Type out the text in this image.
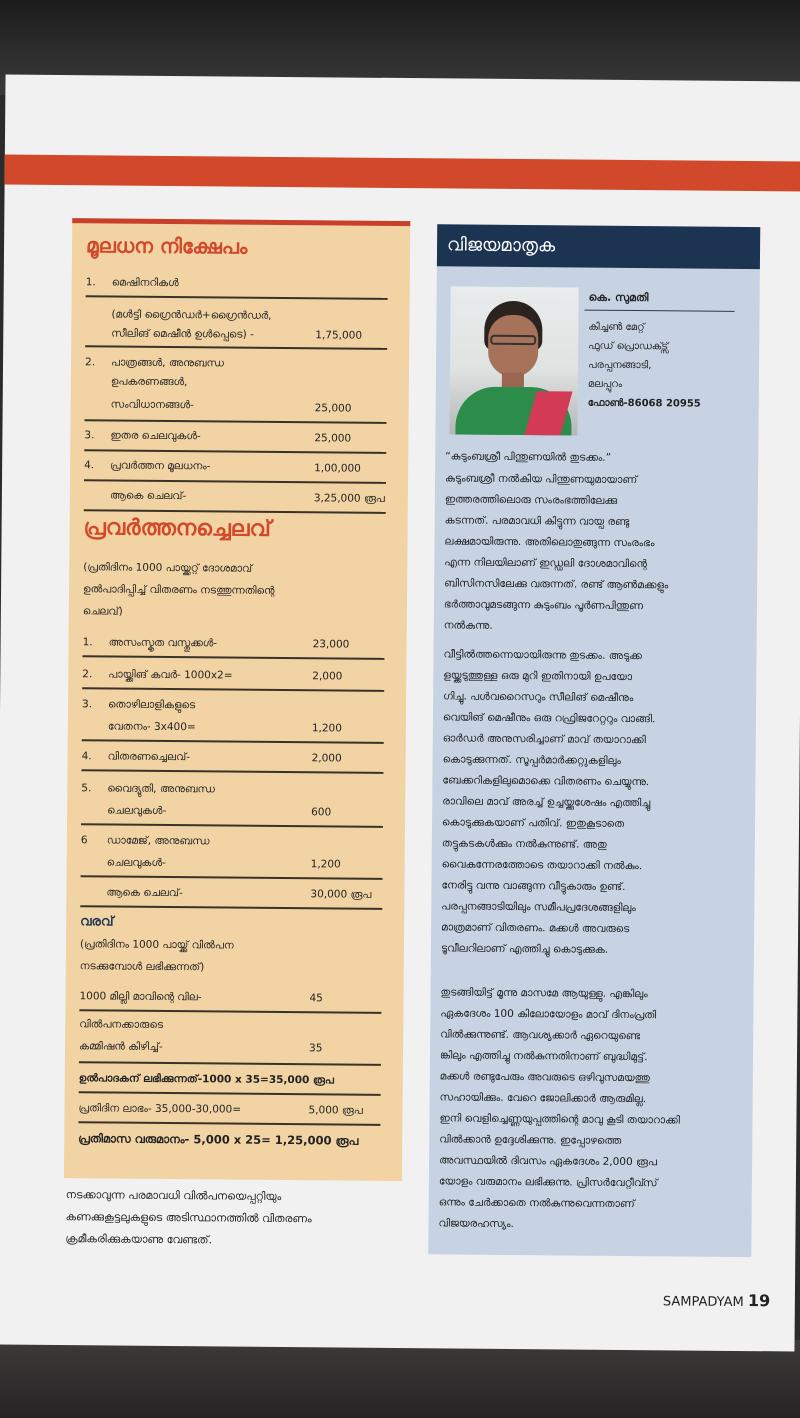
മൂലധന നിക്ഷേപം
1. മെഷിനറികൾ
(മൾട്ടി ഗ്രൈൻഡർ+ഗ്രൈൻഡർ,
സീലിങ് മെഷീൻ ഉൾപ്പെടെ) -	1,75,000
2. പാത്രങ്ങൾ, അനുബന്ധ
ഉപകരണങ്ങൾ,
സംവിധാനങ്ങൾ-	25,000
3. ഇതര ചെലവുകൾ-	25,000
4. പ്രവർത്തന മൂലധനം-	1,00,000
ആകെ ചെലവ്-	3,25,000 രൂപ
പ്രവർത്തനച്ചെലവ്
(പ്രതിദിനം 1000 പായ്ക്കറ്റ് ദോശമാവ്
ഉൽപാദിപ്പിച്ച് വിതരണം നടത്തുന്നതിന്റെ
ചെലവ്)
1. അസംസ്കൃത വസ്തുക്കൾ-	23,000
2. പായ്ക്കിങ് കവർ- 1000x2=	2,000
3. തൊഴിലാളികളുടെ
വേതനം- 3x400=	1,200
4. വിതരണച്ചെലവ്-	2,000
5. വൈദ്യുതി, അനുബന്ധ
ചെലവുകൾ-	600
6 ഡാമേജ്, അനുബന്ധ
ചെലവുകൾ-	1,200
ആകെ ചെലവ്-	30,000 രൂപ
വരവ്
(പ്രതിദിനം 1000 പായ്ക്ക് വിൽപന
നടക്കുമ്പോൾ ലഭിക്കുന്നത്)
1000 മില്ലി മാവിന്റെ വില-	45
വിൽപനക്കാരുടെ
കമ്മിഷൻ കിഴിച്ച്-	35
ഉൽപാദകന് ലഭിക്കുന്നത്-1000 x 35=35,000 രൂപ
പ്രതിദിന ലാഭം- 35,000-30,000=	5,000 രൂപ
പ്രതിമാസ വരുമാനം- 5,000 x 25= 1,25,000 രൂപ
നടക്കാവുന്ന പരമാവധി വിൽപനയെപ്പറ്റിയും
കണക്കുകൂട്ടലുകളുടെ അടിസ്ഥാനത്തിൽ വിതരണം
ക്രമീകരിക്കുകയാണു വേണ്ടത്.
വിജയമാതൃക
കെ. സുമതി
കിച്ചൺ മേറ്റ്
ഫുഡ് പ്രൊഡക്ട്സ്
പരപ്പനങ്ങാടി,
മലപ്പുറം
ഫോൺ-86068 20955
“കുടുംബശ്രീ പിന്തുണയിൽ തുടക്കം.”
കുടുംബശ്രീ നൽകിയ പിന്തുണയുമായാണ്
ഇത്തരത്തിലൊരു സംരംഭത്തിലേക്കു
കടന്നത്. പരമാവധി കിട്ടുന്ന വായ്പ രണ്ടു
ലക്ഷമായിരുന്നു. അതിലൊതുങ്ങുന്ന സംരംഭം
എന്ന നിലയിലാണ് ഇഡ്ഡലി ദോശമാവിന്റെ
ബിസിനസിലേക്കു വരുന്നത്. രണ്ട് ആൺമക്കളും
ഭർത്താവുമടങ്ങുന്ന കുടുംബം പൂർണപിന്തുണ
നൽകുന്നു.
വീട്ടിൽത്തന്നെയായിരുന്നു തുടക്കം. അടുക്ക
ളയ്ക്കടുത്തുള്ള ഒരു മുറി ഇതിനായി ഉപയോ
ഗിച്ചു. പൾവറൈസറും സീലിങ് മെഷീനും
വെയിങ് മെഷീനും ഒരു റഫ്രിജറേറ്ററും വാങ്ങി.
ഓർഡർ അനുസരിച്ചാണ് മാവ് തയാറാക്കി
കൊടുക്കുന്നത്. സൂപ്പർമാർക്കറ്റുകളിലും
ബേക്കറികളിലുമൊക്കെ വിതരണം ചെയ്യുന്നു.
രാവിലെ മാവ് അരച്ച് ഉച്ചയ്ക്കുശേഷം എത്തിച്ചു
കൊടുക്കുകയാണ് പതിവ്. ഇതുകൂടാതെ
തട്ടുകടകൾക്കും നൽകുന്നുണ്ട്. അതു
വൈകുന്നേരത്തോടെ തയാറാക്കി നൽകും.
നേരിട്ടു വന്നു വാങ്ങുന്ന വീട്ടുകാരും ഉണ്ട്.
പരപ്പനങ്ങാടിയിലും സമീപപ്രദേശങ്ങളിലും
മാത്രമാണ് വിതരണം. മക്കൾ അവരുടെ
ടൂവീലറിലാണ് എത്തിച്ചു കൊടുക്കുക.
തുടങ്ങിയിട്ട് മൂന്നു മാസമേ ആയുള്ളു. എങ്കിലും
ഏകദേശം 100 കിലോയോളം മാവ് ദിനംപ്രതി
വിൽക്കുന്നുണ്ട്. ആവശ്യക്കാർ ഏറെയുണ്ടെ
ങ്കിലും എത്തിച്ചു നൽകുന്നതിനാണ് ബുദ്ധിമുട്ട്.
മക്കൾ രണ്ടുപേരും അവരുടെ ഒഴിവുസമയത്തു
സഹായിക്കും. വേറെ ജോലിക്കാർ ആരുമില്ല.
ഇനി വെളിച്ചെണ്ണയുപ്പത്തിന്റെ മാവു കൂടി തയാറാക്കി
വിൽക്കാൻ ഉദ്ദേശിക്കുന്നു. ഇപ്പോഴത്തെ
അവസ്ഥയിൽ ദിവസം ഏകദേശം 2,000 രൂപ
യോളം വരുമാനം ലഭിക്കുന്നു. പ്രിസർവേറ്റീവ്സ്
ഒന്നും ചേർക്കാതെ നൽകുന്നുവെന്നതാണ്
വിജയരഹസ്യം.
SAMPADYAM 19
